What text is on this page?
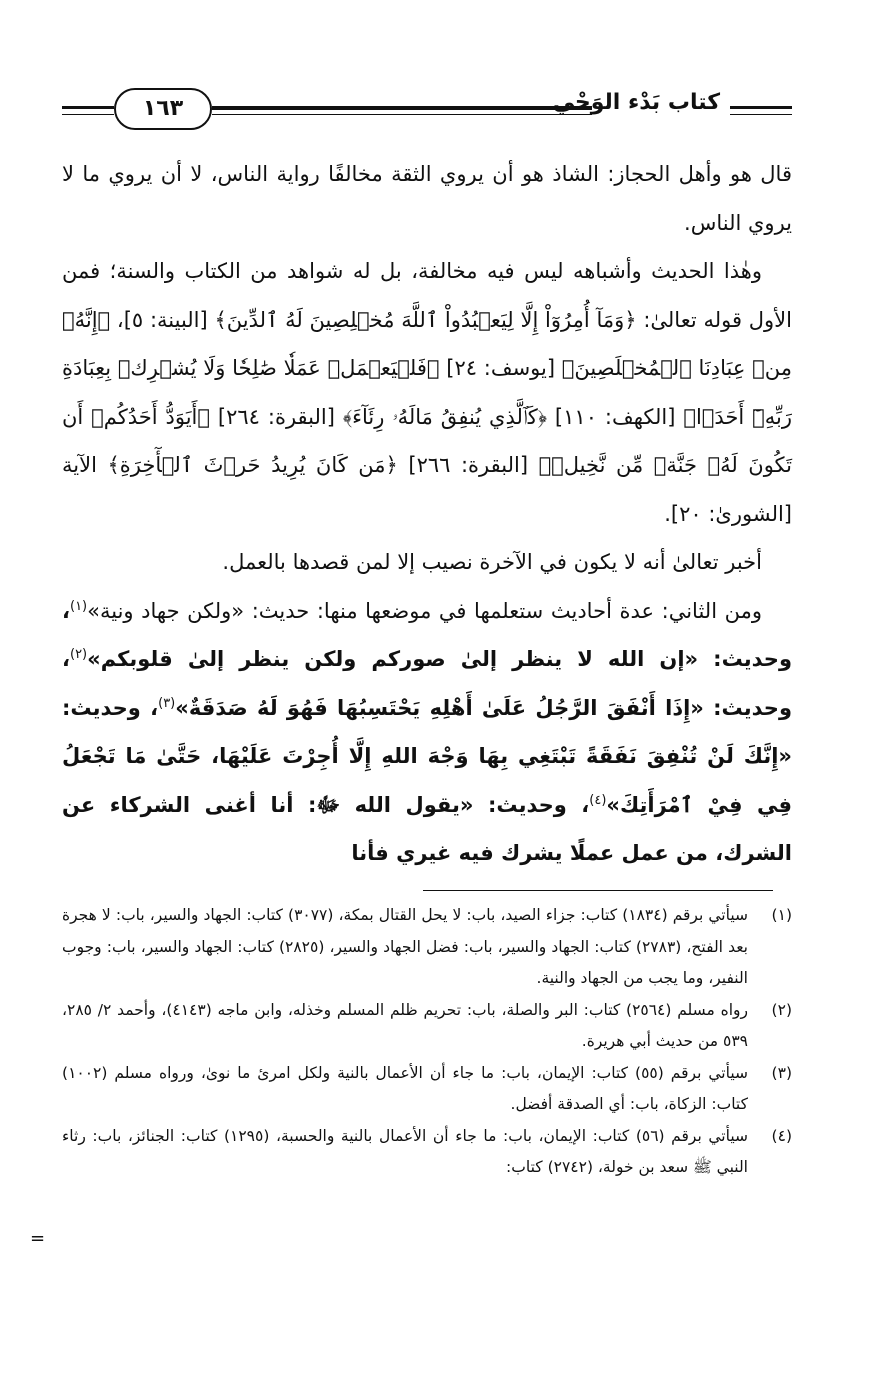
كتاب بَدْء الوَحْي
١٦٣

قال هو وأهل الحجاز: الشاذ هو أن يروي الثقة مخالفًا رواية الناس، لا أن يروي ما لا يروي الناس.

وهٰذا الحديث وأشباهه ليس فيه مخالفة، بل له شواهد من الكتاب والسنة؛ فمن الأول قوله تعالىٰ: ﴿وَمَآ أُمِرُوٓاْ إِلَّا لِيَعۡبُدُواْ ٱللَّهَ مُخۡلِصِينَ لَهُ ٱلدِّينَ﴾ [البينة: ٥]، ﴿إِنَّهُۥ مِنۡ عِبَادِنَا ٱلۡمُخۡلَصِينَ﴾ [يوسف: ٢٤] ﴿فَلۡيَعۡمَلۡ عَمَلٗا صَٰلِحٗا وَلَا يُشۡرِكۡ بِعِبَادَةِ رَبِّهِۦٓ أَحَدَۢا﴾ [الكهف: ١١٠] ﴿كَٱلَّذِي يُنفِقُ مَالَهُۥ رِئَآءَ﴾ [البقرة: ٢٦٤] ﴿أَيَوَدُّ أَحَدُكُمۡ أَن تَكُونَ لَهُۥ جَنَّةٞ مِّن نَّخِيلٖ﴾ [البقرة: ٢٦٦] ﴿مَن كَانَ يُرِيدُ حَرۡثَ ٱلۡأٓخِرَةِ﴾ الآية [الشورىٰ: ٢٠].

أخبر تعالىٰ أنه لا يكون في الآخرة نصيب إلا لمن قصدها بالعمل.

ومن الثاني: عدة أحاديث ستعلمها في موضعها منها: حديث: «ولكن جهاد ونية»$^{(١)}$، وحديث: «إن الله لا ينظر إلىٰ صوركم ولكن ينظر إلىٰ قلوبكم»$^{(٢)}$، وحديث: «إِذَا أَنْفَقَ الرَّجُلُ عَلَىٰ أَهْلِهِ يَحْتَسِبُهَا فَهُوَ لَهُ صَدَقَةٌ»$^{(٣)}$، وحديث: «إِنَّكَ لَنْ تُنْفِقَ نَفَقَةً تَبْتَغِي بِهَا وَجْهَ اللهِ إِلَّا أُجِرْتَ عَلَيْهَا، حَتَّىٰ مَا تَجْعَلُ فِي فِيْ ٱمْرَأَتِكَ»$^{(٤)}$، وحديث: «يقول الله ﷻ: أنا أغنى الشركاء عن الشرك، من عمل عملًا يشرك فيه غيري فأنا

(١)
سيأتي برقم (١٨٣٤) كتاب: جزاء الصيد، باب: لا يحل القتال بمكة، (٣٠٧٧) كتاب: الجهاد والسير، باب: لا هجرة بعد الفتح، (٢٧٨٣) كتاب: الجهاد والسير، باب: فضل الجهاد والسير، (٢٨٢٥) كتاب: الجهاد والسير، باب: وجوب النفير، وما يجب من الجهاد والنية.
(٢)
رواه مسلم (٢٥٦٤) كتاب: البر والصلة، باب: تحريم ظلم المسلم وخذله، وابن ماجه (٤١٤٣)، وأحمد ٢/ ٢٨٥، ٥٣٩ من حديث أبي هريرة.
(٣)
سيأتي برقم (٥٥) كتاب: الإيمان، باب: ما جاء أن الأعمال بالنية ولكل امرئ ما نوىٰ، ورواه مسلم (١٠٠٢) كتاب: الزكاة، باب: أي الصدقة أفضل.
(٤)
سيأتي برقم (٥٦) كتاب: الإيمان، باب: ما جاء أن الأعمال بالنية والحسبة، (١٢٩٥) كتاب: الجنائز، باب: رثاء النبي ﷺ سعد بن خولة، (٢٧٤٢) كتاب:
=
